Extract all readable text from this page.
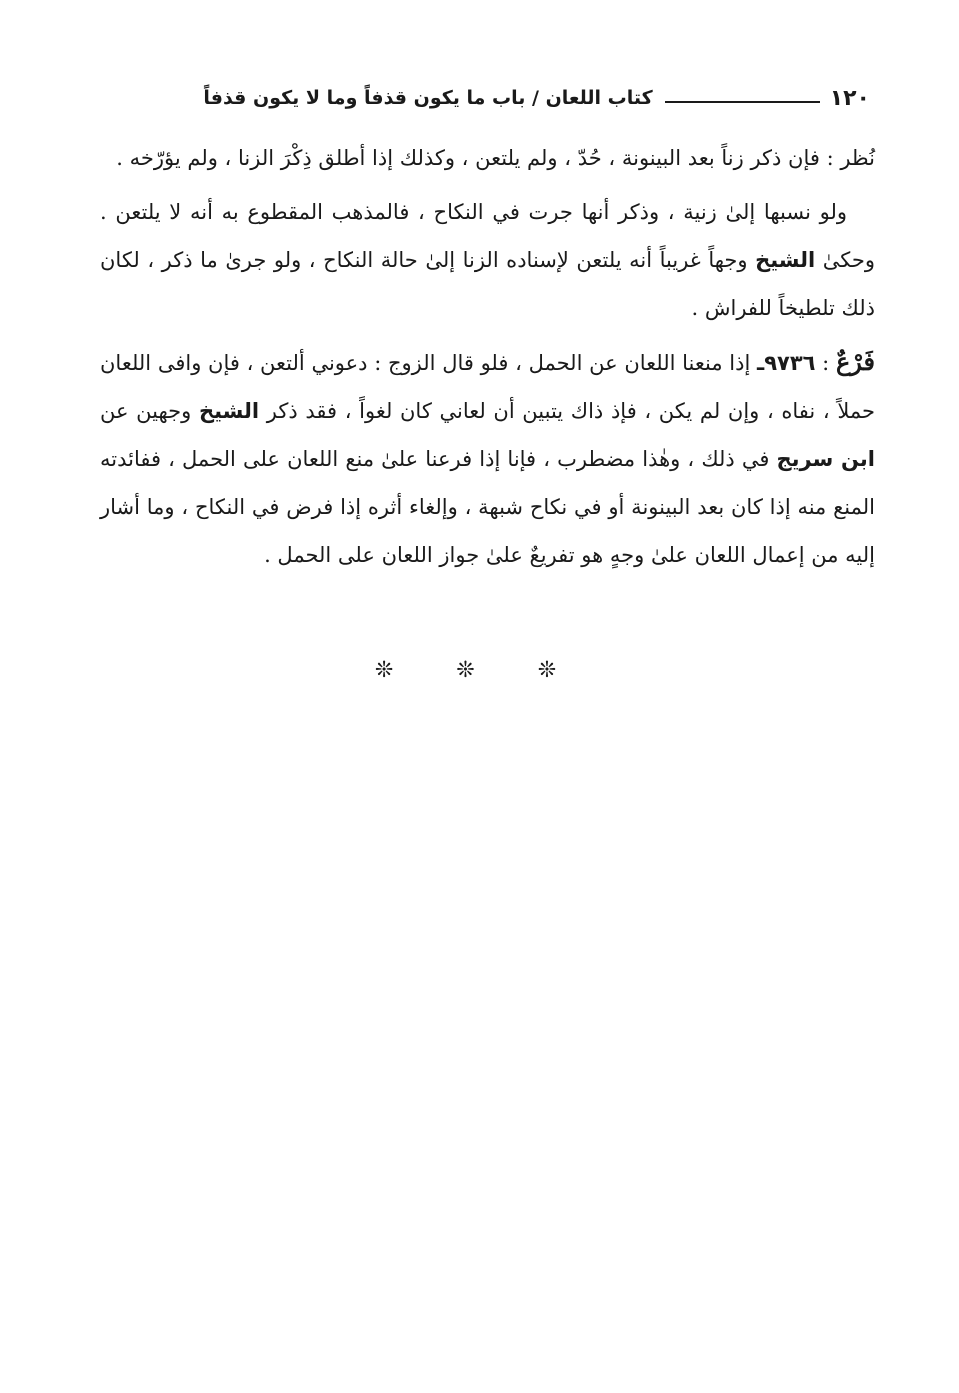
١٢٠
كتاب اللعان / باب ما يكون قذفاً وما لا يكون قذفاً

نُظر : فإن ذكر زناً بعد البينونة ، حُدّ ، ولم يلتعن ، وكذلك إذا أطلق ذِكْرَ الزنا ، ولم يؤرّخه .

ولو نسبها إلىٰ زنية ، وذكر أنها جرت في النكاح ، فالمذهب المقطوع به أنه لا يلتعن . وحكىٰ الشيخ وجهاً غريباً أنه يلتعن لإسناده الزنا إلىٰ حالة النكاح ، ولو جرىٰ ما ذكر ، لكان ذلك تلطيخاً للفراش .

فَرْعٌ : ٩٧٣٦ـ إذا منعنا اللعان عن الحمل ، فلو قال الزوج : دعوني ألتعن ، فإن وافى اللعان حملاً ، نفاه ، وإن لم يكن ، فإذ ذاك يتبين أن لعاني كان لغواً ، فقد ذكر الشيخ وجهين عن ابن سريج في ذلك ، وهٰذا مضطرب ، فإنا إذا فرعنا علىٰ منع اللعان على الحمل ، ففائدته المنع منه إذا كان بعد البينونة أو في نكاح شبهة ، وإلغاء أثره إذا فرض في النكاح ، وما أشار إليه من إعمال اللعان علىٰ وجهٍ هو تفريعٌ علىٰ جواز اللعان على الحمل .

❊ ❊ ❊
